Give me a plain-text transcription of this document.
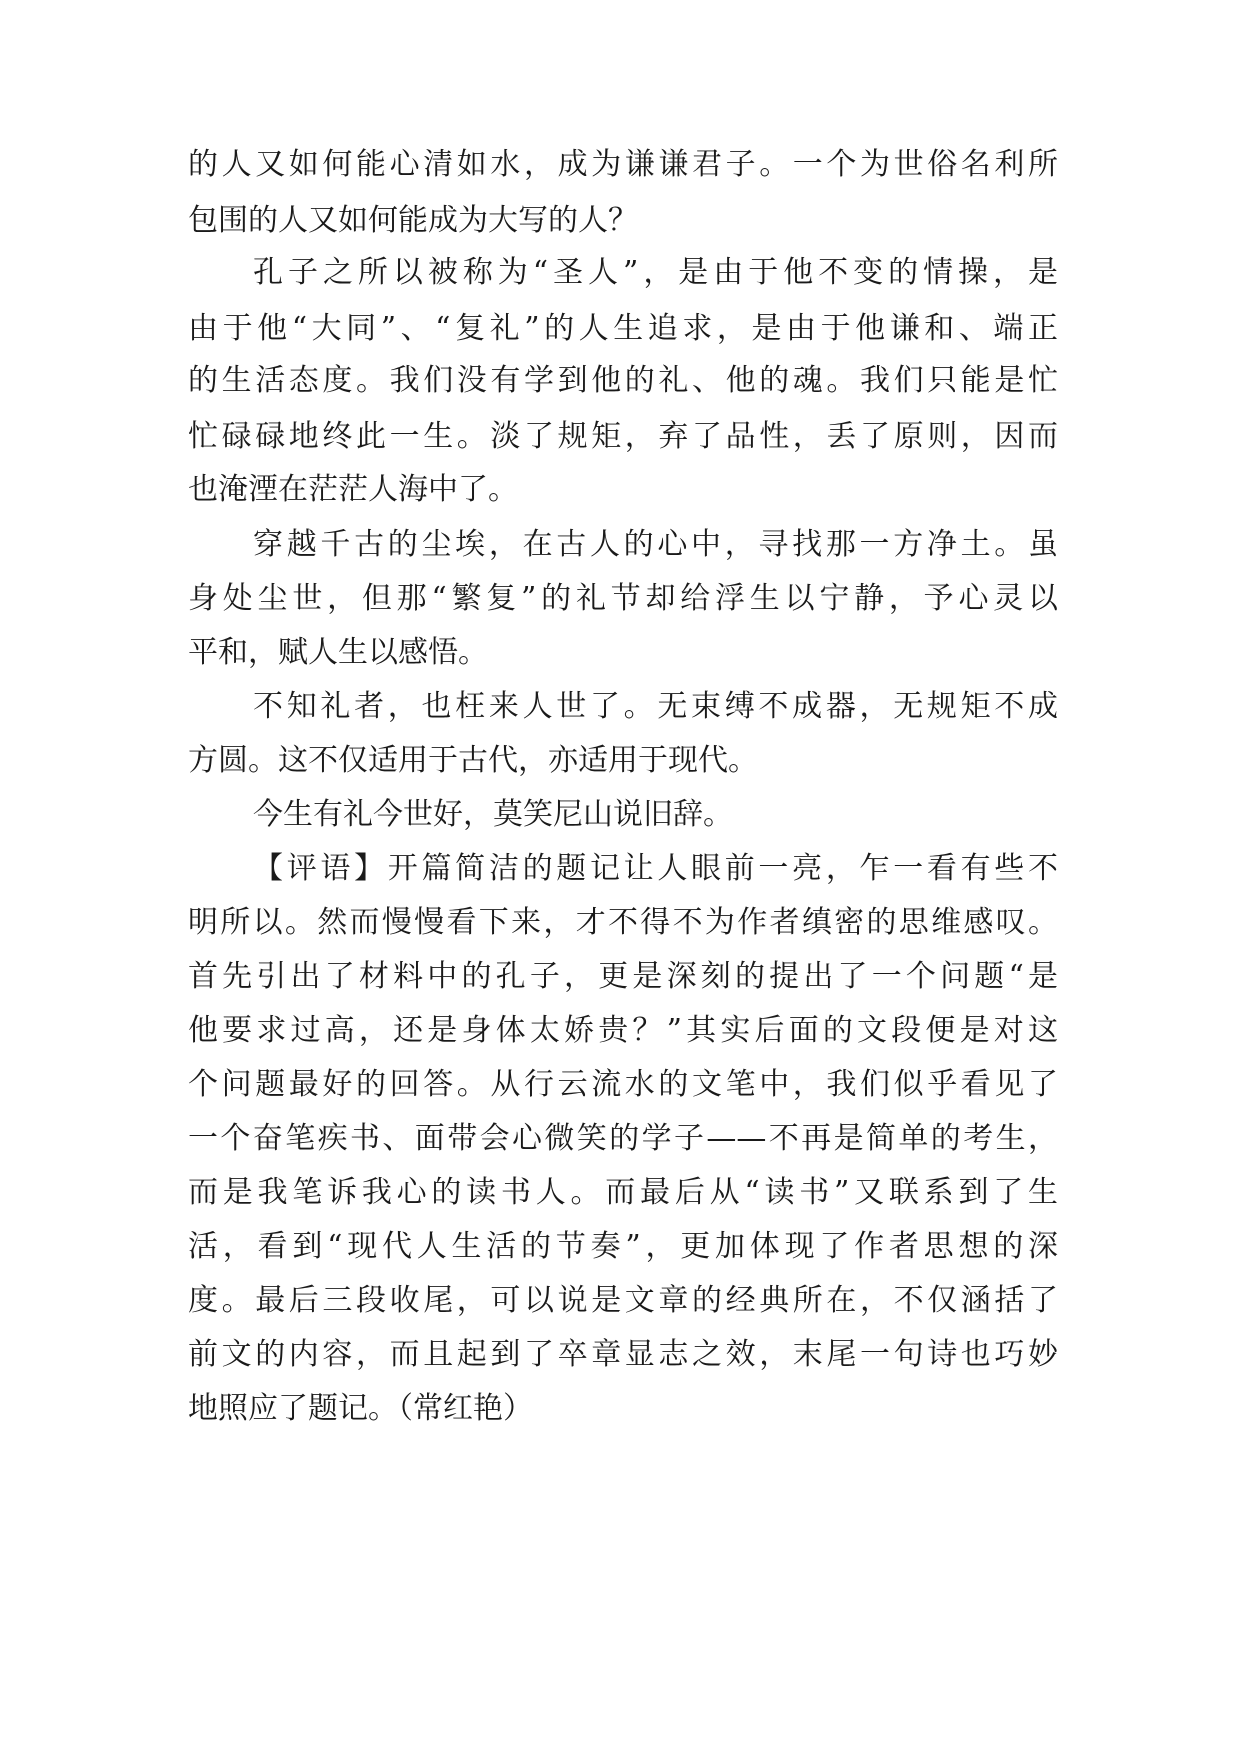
的人又如何能心清如水，成为谦谦君子。一个为世俗名利所
包围的人又如何能成为大写的人？
孔子之所以被称为“圣人”，是由于他不变的情操，是
由于他“大同”、“复礼”的人生追求，是由于他谦和、端正
的生活态度。我们没有学到他的礼、他的魂。我们只能是忙
忙碌碌地终此一生。淡了规矩，弃了品性，丢了原则，因而
也淹湮在茫茫人海中了。
穿越千古的尘埃，在古人的心中，寻找那一方净土。虽
身处尘世，但那“繁复”的礼节却给浮生以宁静，予心灵以
平和，赋人生以感悟。
不知礼者，也枉来人世了。无束缚不成器，无规矩不成
方圆。这不仅适用于古代，亦适用于现代。
今生有礼今世好，莫笑尼山说旧辞。
【评语】开篇简洁的题记让人眼前一亮，乍一看有些不
明所以。然而慢慢看下来，才不得不为作者缜密的思维感叹。
首先引出了材料中的孔子，更是深刻的提出了一个问题“是
他要求过高，还是身体太娇贵？”其实后面的文段便是对这
个问题最好的回答。从行云流水的文笔中，我们似乎看见了
一个奋笔疾书、面带会心微笑的学子——不再是简单的考生，
而是我笔诉我心的读书人。而最后从“读书”又联系到了生
活，看到“现代人生活的节奏”，更加体现了作者思想的深
度。最后三段收尾，可以说是文章的经典所在，不仅涵括了
前文的内容，而且起到了卒章显志之效，末尾一句诗也巧妙
地照应了题记。（常红艳）
